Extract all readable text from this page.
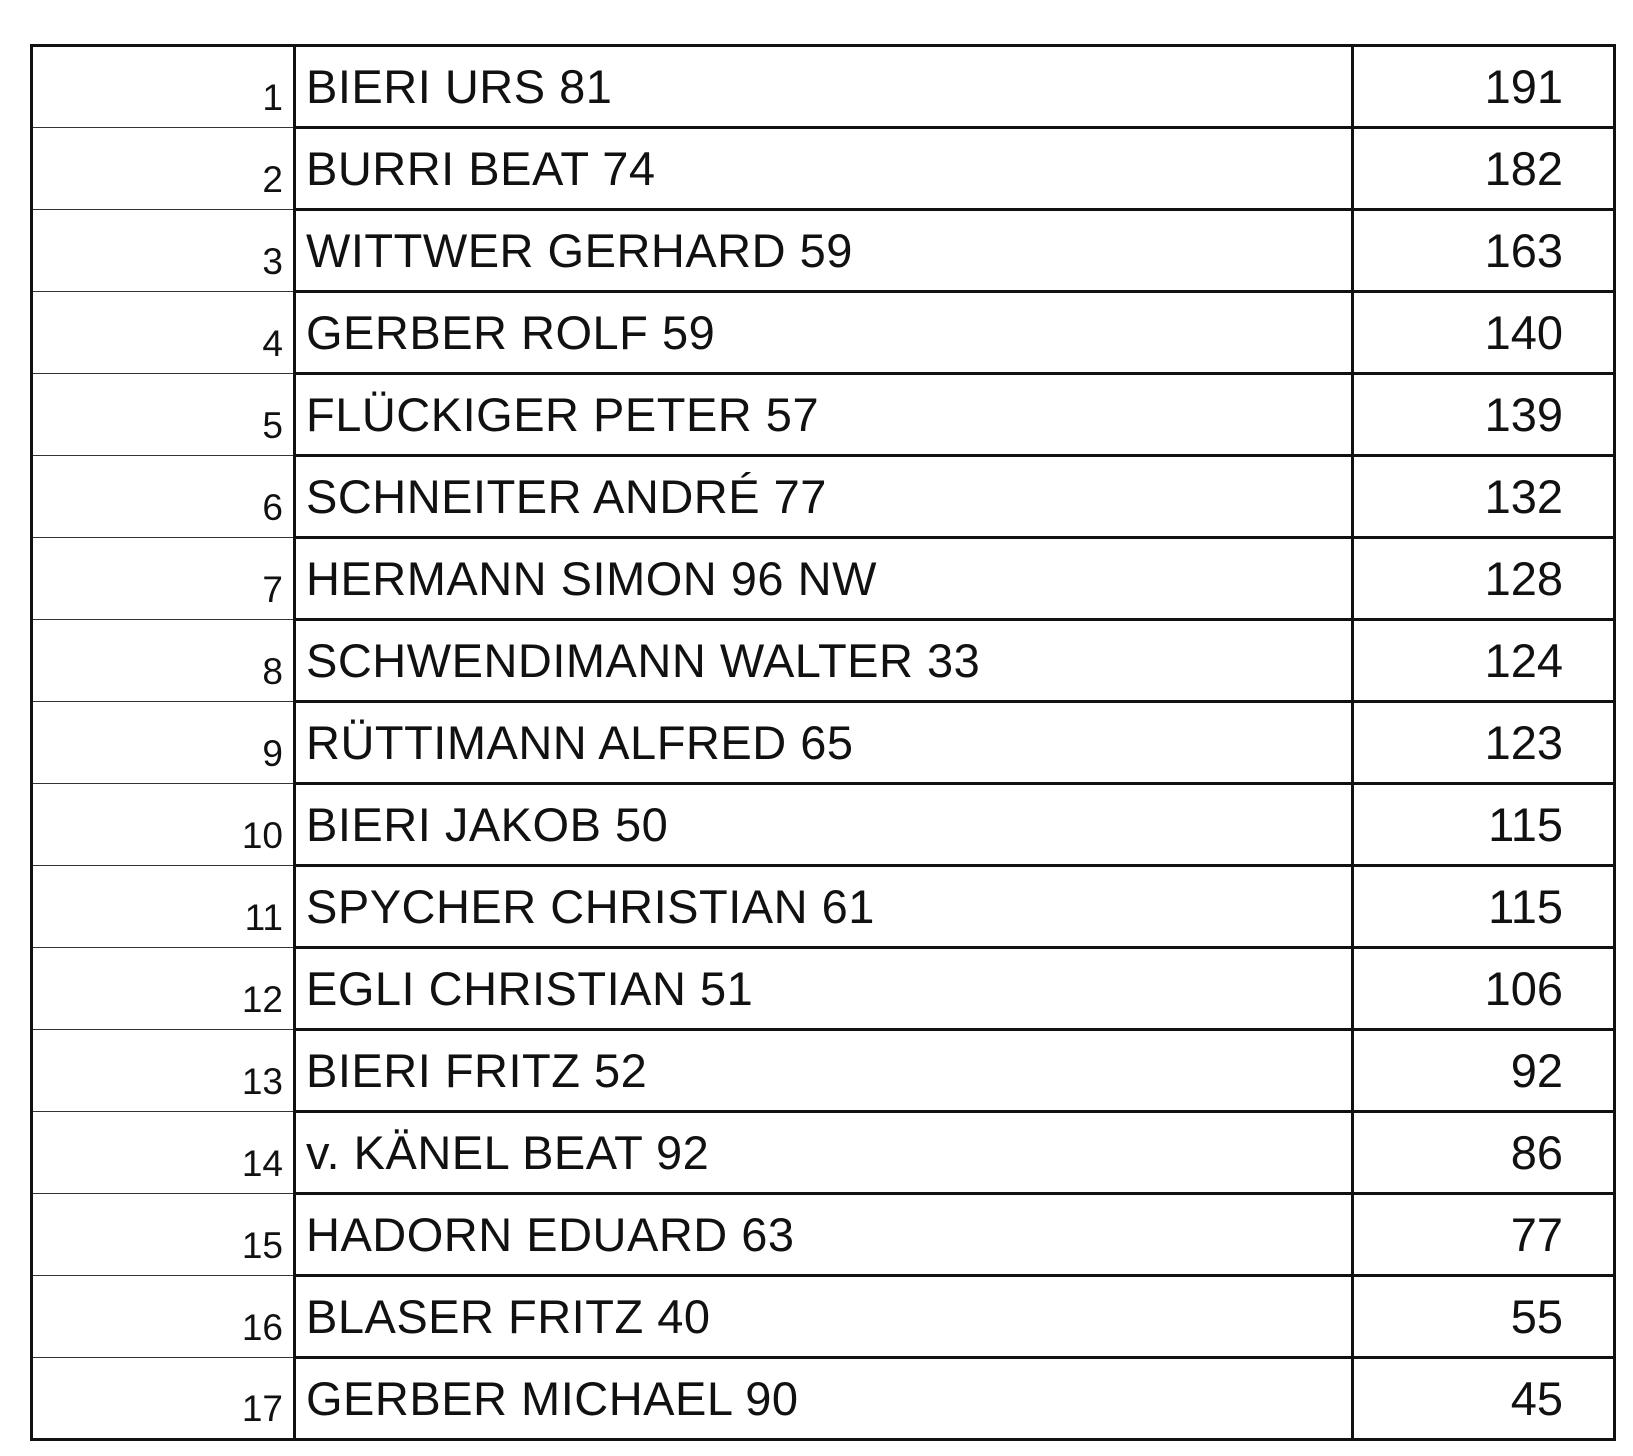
1	BIERI URS 81	191
2	BURRI BEAT 74	182
3	WITTWER GERHARD 59	163
4	GERBER ROLF 59	140
5	FLÜCKIGER PETER 57	139
6	SCHNEITER ANDRÉ 77	132
7	HERMANN SIMON 96 NW	128
8	SCHWENDIMANN WALTER 33	124
9	RÜTTIMANN ALFRED 65	123
10	BIERI JAKOB 50	115
11	SPYCHER CHRISTIAN 61	115
12	EGLI CHRISTIAN 51	106
13	BIERI FRITZ 52	92
14	v. KÄNEL BEAT 92	86
15	HADORN EDUARD 63	77
16	BLASER FRITZ 40	55
17	GERBER MICHAEL 90	45
